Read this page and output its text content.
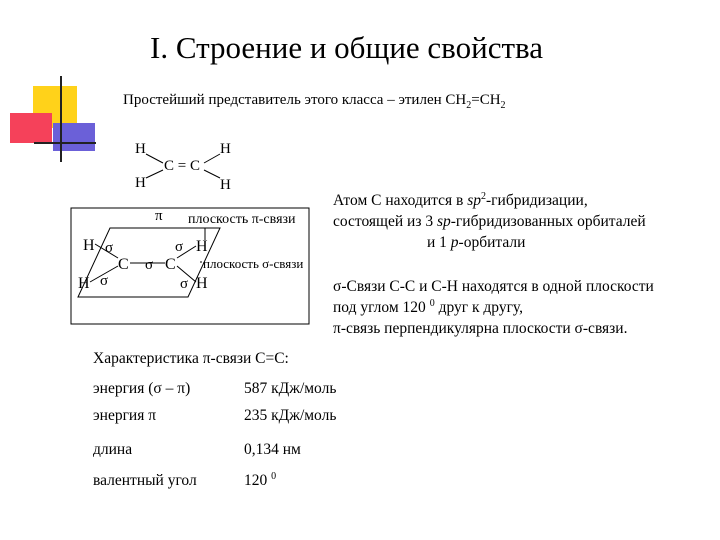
I. Строение и общие свойства
Простейший представитель этого класса – этилен $CH_2=CH_2$
H	H
C = C
H	H
π плоскость π-связи
H σ	σ H
C σ C плоскость σ-связи
H σ	σ H
Атом С находится в $sp^2$-гибридизации,
состоящей из 3 sp-гибридизованных орбиталей
и 1 p-орбитали
σ-Связи С-С и С-Н находятся в одной плоскости
под углом 120 $^0$ друг к другу,
π-связь перпендикулярна плоскости σ-связи.
Характеристика π-связи С=С:
энергия (σ – π)	587 кДж/моль
энергия π	235 кДж/моль
длина	0,134 нм
валентный угол	120 $^0$
